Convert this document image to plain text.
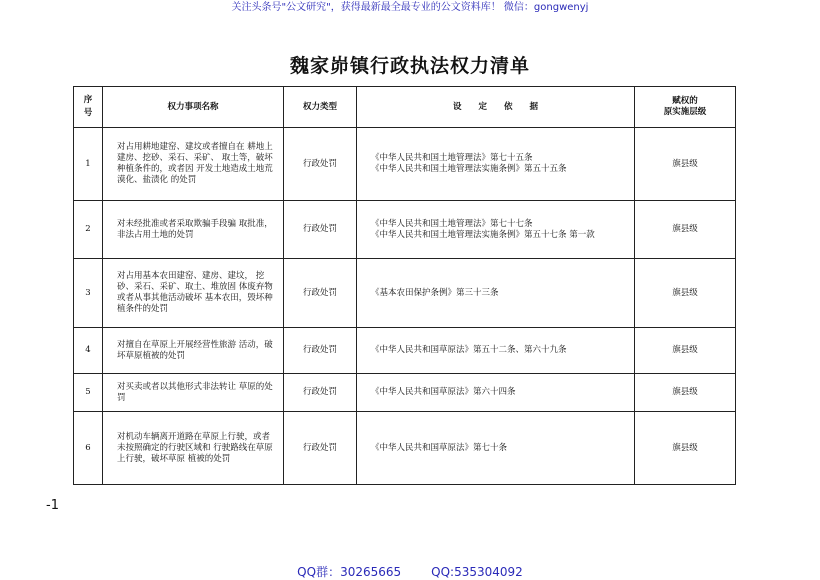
关注头条号"公文研究"，获得最新最全最专业的公文资料库！ 微信：gongwenyj
魏家峁镇行政执法权力清单
序
号	权力事项名称	权力类型	设　　定　　依　　据	赋权的
原实施层级

1	对占用耕地建窑、建坟或者擅自在 耕地上建房、挖砂、采石、采矿、 取土等，破坏种植条件的，或者因 开发土地造成土地荒漠化、盐渍化 的处罚	行政处罚	《中华人民共和国土地管理法》第七十五条
《中华人民共和国土地管理法实施条例》第五十五条	旗县级
2	对未经批准或者采取欺骗手段骗 取批准，非法占用土地的处罚	行政处罚	《中华人民共和国土地管理法》第七十七条
《中华人民共和国土地管理法实施条例》第五十七条 第一款	旗县级
3	对占用基本农田建窑、建房、建坟， 挖砂、采石、采矿、取土、堆放固 体废弃物或者从事其他活动破坏 基本农田，毁坏种植条件的处罚	行政处罚	《基本农田保护条例》第三十三条	旗县级
4	对擅自在草原上开展经营性旅游 活动，破坏草原植被的处罚	行政处罚	《中华人民共和国草原法》第五十二条、第六十九条	旗县级
5	对买卖或者以其他形式非法转让 草原的处罚	行政处罚	《中华人民共和国草原法》第六十四条	旗县级
6	对机动车辆离开道路在草原上行驶，或者未按照确定的行驶区域和 行驶路线在草原上行驶，破坏草原 植被的处罚	行政处罚	《中华人民共和国草原法》第七十条	旗县级
-1
QQ群：30265665	QQ:535304092
